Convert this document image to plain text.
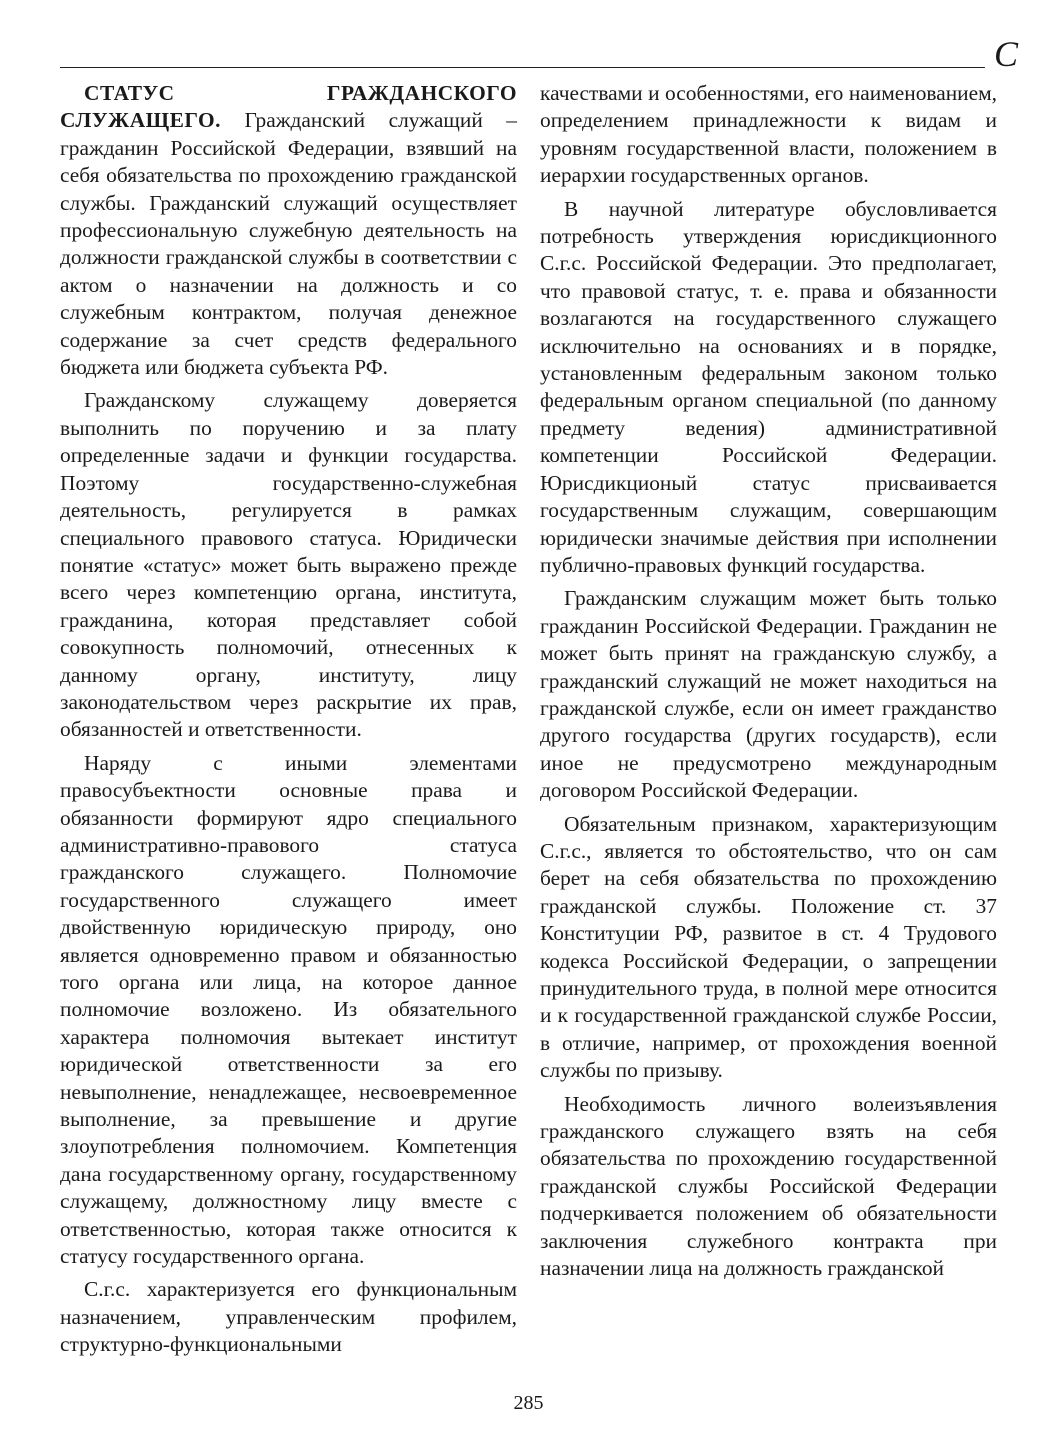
С

СТАТУС ГРАЖДАНСКОГО СЛУЖАЩЕГО. Гражданский служащий – гражданин Российской Федерации, взявший на себя обязательства по прохождению гражданской службы. Гражданский служащий осуществляет профессиональную служебную деятельность на должности гражданской службы в соответствии с актом о назначении на должность и со служебным контрактом, получая денежное содержание за счет средств федерального бюджета или бюджета субъекта РФ.

Гражданскому служащему доверяется выполнить по поручению и за плату определенные задачи и функции государства. Поэтому государственно-служебная деятельность, регулируется в рамках специального правового статуса. Юридически понятие «статус» может быть выражено прежде всего через компетенцию органа, института, гражданина, которая представляет собой совокупность полномочий, отнесенных к данному органу, институту, лицу законодательством через раскрытие их прав, обязанностей и ответственности.

Наряду с иными элементами правосубъектности основные права и обязанности формируют ядро специального административно-правового статуса гражданского служащего. Полномочие государственного служащего имеет двойственную юридическую природу, оно является одновременно правом и обязанностью того органа или лица, на которое данное полномочие возложено. Из обязательного характера полномочия вытекает институт юридической ответственности за его невыполнение, ненадлежащее, несвоевременное выполнение, за превышение и другие злоупотребления полномочием. Компетенция дана государственному органу, государственному служащему, должностному лицу вместе с ответственностью, которая также относится к статусу государственного органа.

С.г.с. характеризуется его функциональным назначением, управленческим профилем, структурно-функциональными

качествами и особенностями, его наименованием, определением принадлежности к видам и уровням государственной власти, положением в иерархии государственных органов.

В научной литературе обусловливается потребность утверждения юрисдикционного С.г.с. Российской Федерации. Это предполагает, что правовой статус, т. е. права и обязанности возлагаются на государственного служащего исключительно на основаниях и в порядке, установленным федеральным законом только федеральным органом специальной (по данному предмету ведения) административной компетенции Российской Федерации. Юрисдикционый статус присваивается государственным служащим, совершающим юридически значимые действия при исполнении публично-правовых функций государства.

Гражданским служащим может быть только гражданин Российской Федерации. Гражданин не может быть принят на гражданскую службу, а гражданский служащий не может находиться на гражданской службе, если он имеет гражданство другого государства (других государств), если иное не предусмотрено международным договором Российской Федерации.

Обязательным признаком, характеризующим С.г.с., является то обстоятельство, что он сам берет на себя обязательства по прохождению гражданской службы. Положение ст. 37 Конституции РФ, развитое в ст. 4 Трудового кодекса Российской Федерации, о запрещении принудительного труда, в полной мере относится и к государственной гражданской службе России, в отличие, например, от прохождения военной службы по призыву.

Необходимость личного волеизъявления гражданского служащего взять на себя обязательства по прохождению государственной гражданской службы Российской Федерации подчеркивается положением об обязательности заключения служебного контракта при назначении лица на должность гражданской

285
